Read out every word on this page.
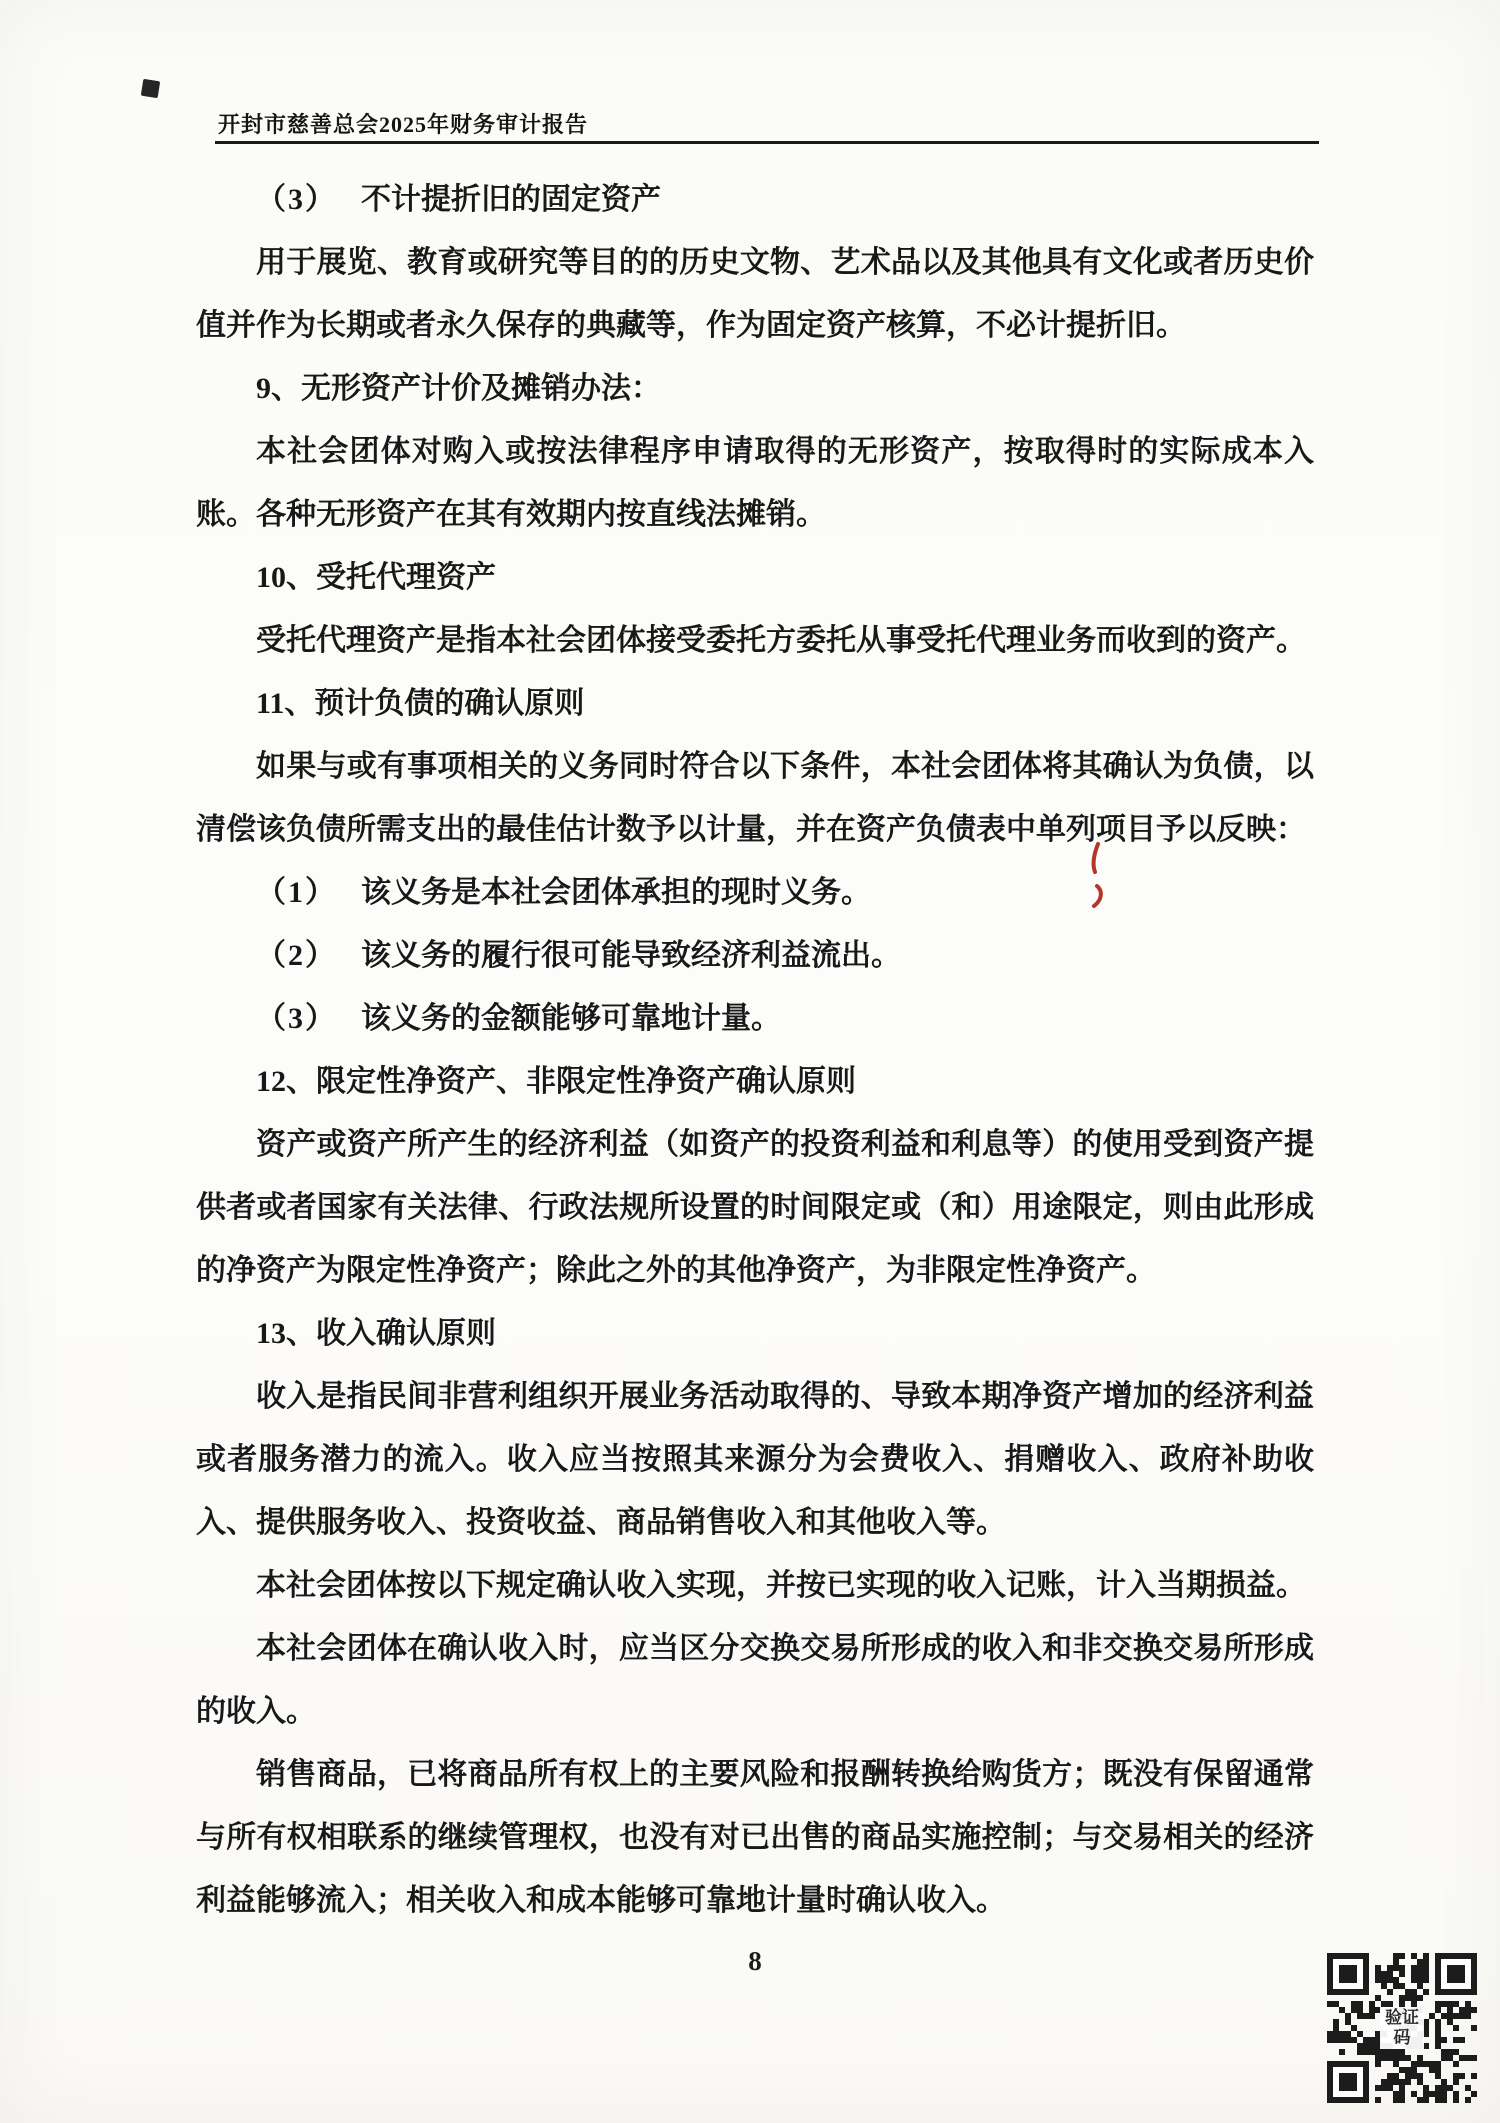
开封市慈善总会2025年财务审计报告
（3） 不计提折旧的固定资产
用于展览、教育或研究等目的的历史文物、艺术品以及其他具有文化或者历史价值并作为长期或者永久保存的典藏等，作为固定资产核算，不必计提折旧。
9、无形资产计价及摊销办法：
本社会团体对购入或按法律程序申请取得的无形资产，按取得时的实际成本入账。各种无形资产在其有效期内按直线法摊销。
10、受托代理资产
受托代理资产是指本社会团体接受委托方委托从事受托代理业务而收到的资产。
11、预计负债的确认原则
如果与或有事项相关的义务同时符合以下条件，本社会团体将其确认为负债，以清偿该负债所需支出的最佳估计数予以计量，并在资产负债表中单列项目予以反映：
（1） 该义务是本社会团体承担的现时义务。
（2） 该义务的履行很可能导致经济利益流出。
（3） 该义务的金额能够可靠地计量。
12、限定性净资产、非限定性净资产确认原则
资产或资产所产生的经济利益（如资产的投资利益和利息等）的使用受到资产提供者或者国家有关法律、行政法规所设置的时间限定或（和）用途限定，则由此形成的净资产为限定性净资产；除此之外的其他净资产，为非限定性净资产。
13、收入确认原则
收入是指民间非营利组织开展业务活动取得的、导致本期净资产增加的经济利益或者服务潜力的流入。收入应当按照其来源分为会费收入、捐赠收入、政府补助收入、提供服务收入、投资收益、商品销售收入和其他收入等。
本社会团体按以下规定确认收入实现，并按已实现的收入记账，计入当期损益。
本社会团体在确认收入时，应当区分交换交易所形成的收入和非交换交易所形成的收入。
销售商品，已将商品所有权上的主要风险和报酬转换给购货方；既没有保留通常与所有权相联系的继续管理权，也没有对已出售的商品实施控制；与交易相关的经济利益能够流入；相关收入和成本能够可靠地计量时确认收入。
8
验证码
